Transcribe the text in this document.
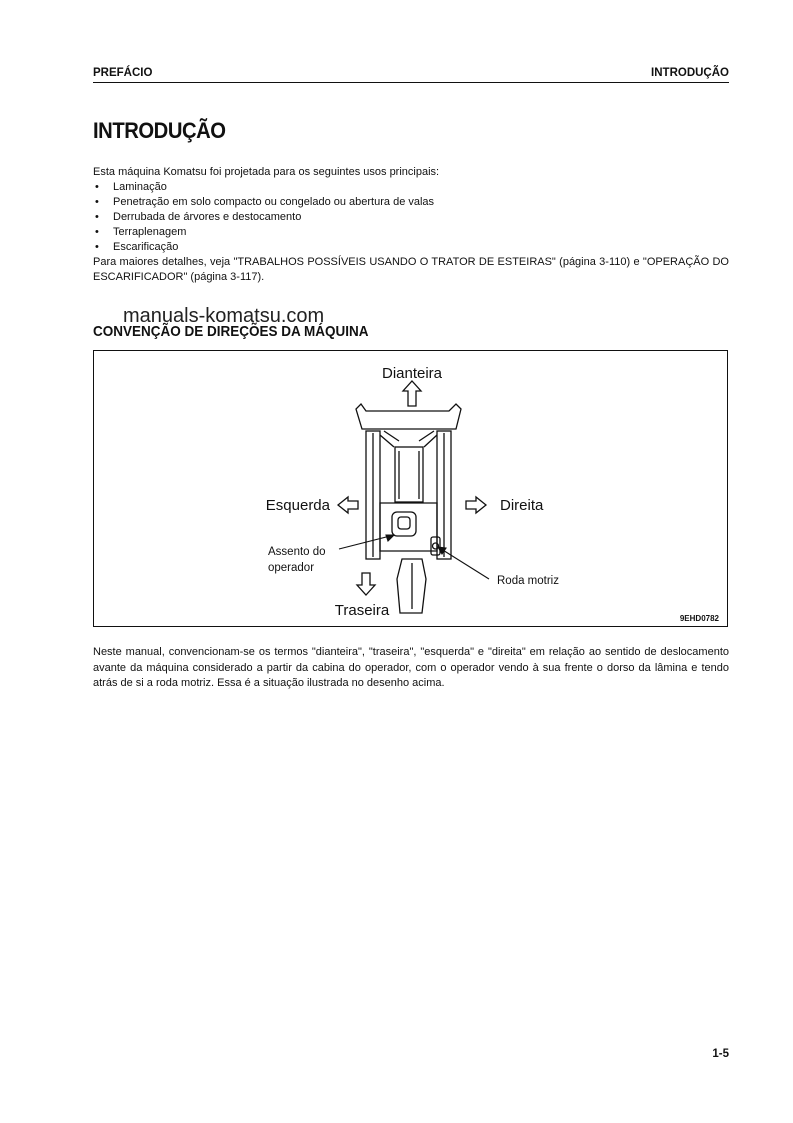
PREFÁCIO	INTRODUÇÃO
INTRODUÇÃO

Esta máquina Komatsu foi projetada para os seguintes usos principais:

• Laminação
• Penetração em solo compacto ou congelado ou abertura de valas
• Derrubada de árvores e destocamento
• Terraplenagem
• Escarificação

Para maiores detalhes, veja "TRABALHOS POSSÍVEIS USANDO O TRATOR DE ESTEIRAS" (página 3-110) e "OPERAÇÃO DO ESCARIFICADOR" (página 3-117).

manuals-komatsu.com
CONVENÇÃO DE DIREÇÕES DA MÁQUINA
Dianteira
Esquerda	Direita
Traseira
Assento do
operador
Roda motriz
9EHD0782

Neste manual, convencionam-se os termos "dianteira", "traseira", "esquerda" e "direita" em relação ao sentido de deslocamento avante da máquina considerado a partir da cabina do operador, com o operador vendo à sua frente o dorso da lâmina e tendo atrás de si a roda motriz. Essa é a situação ilustrada no desenho acima.

1-5
